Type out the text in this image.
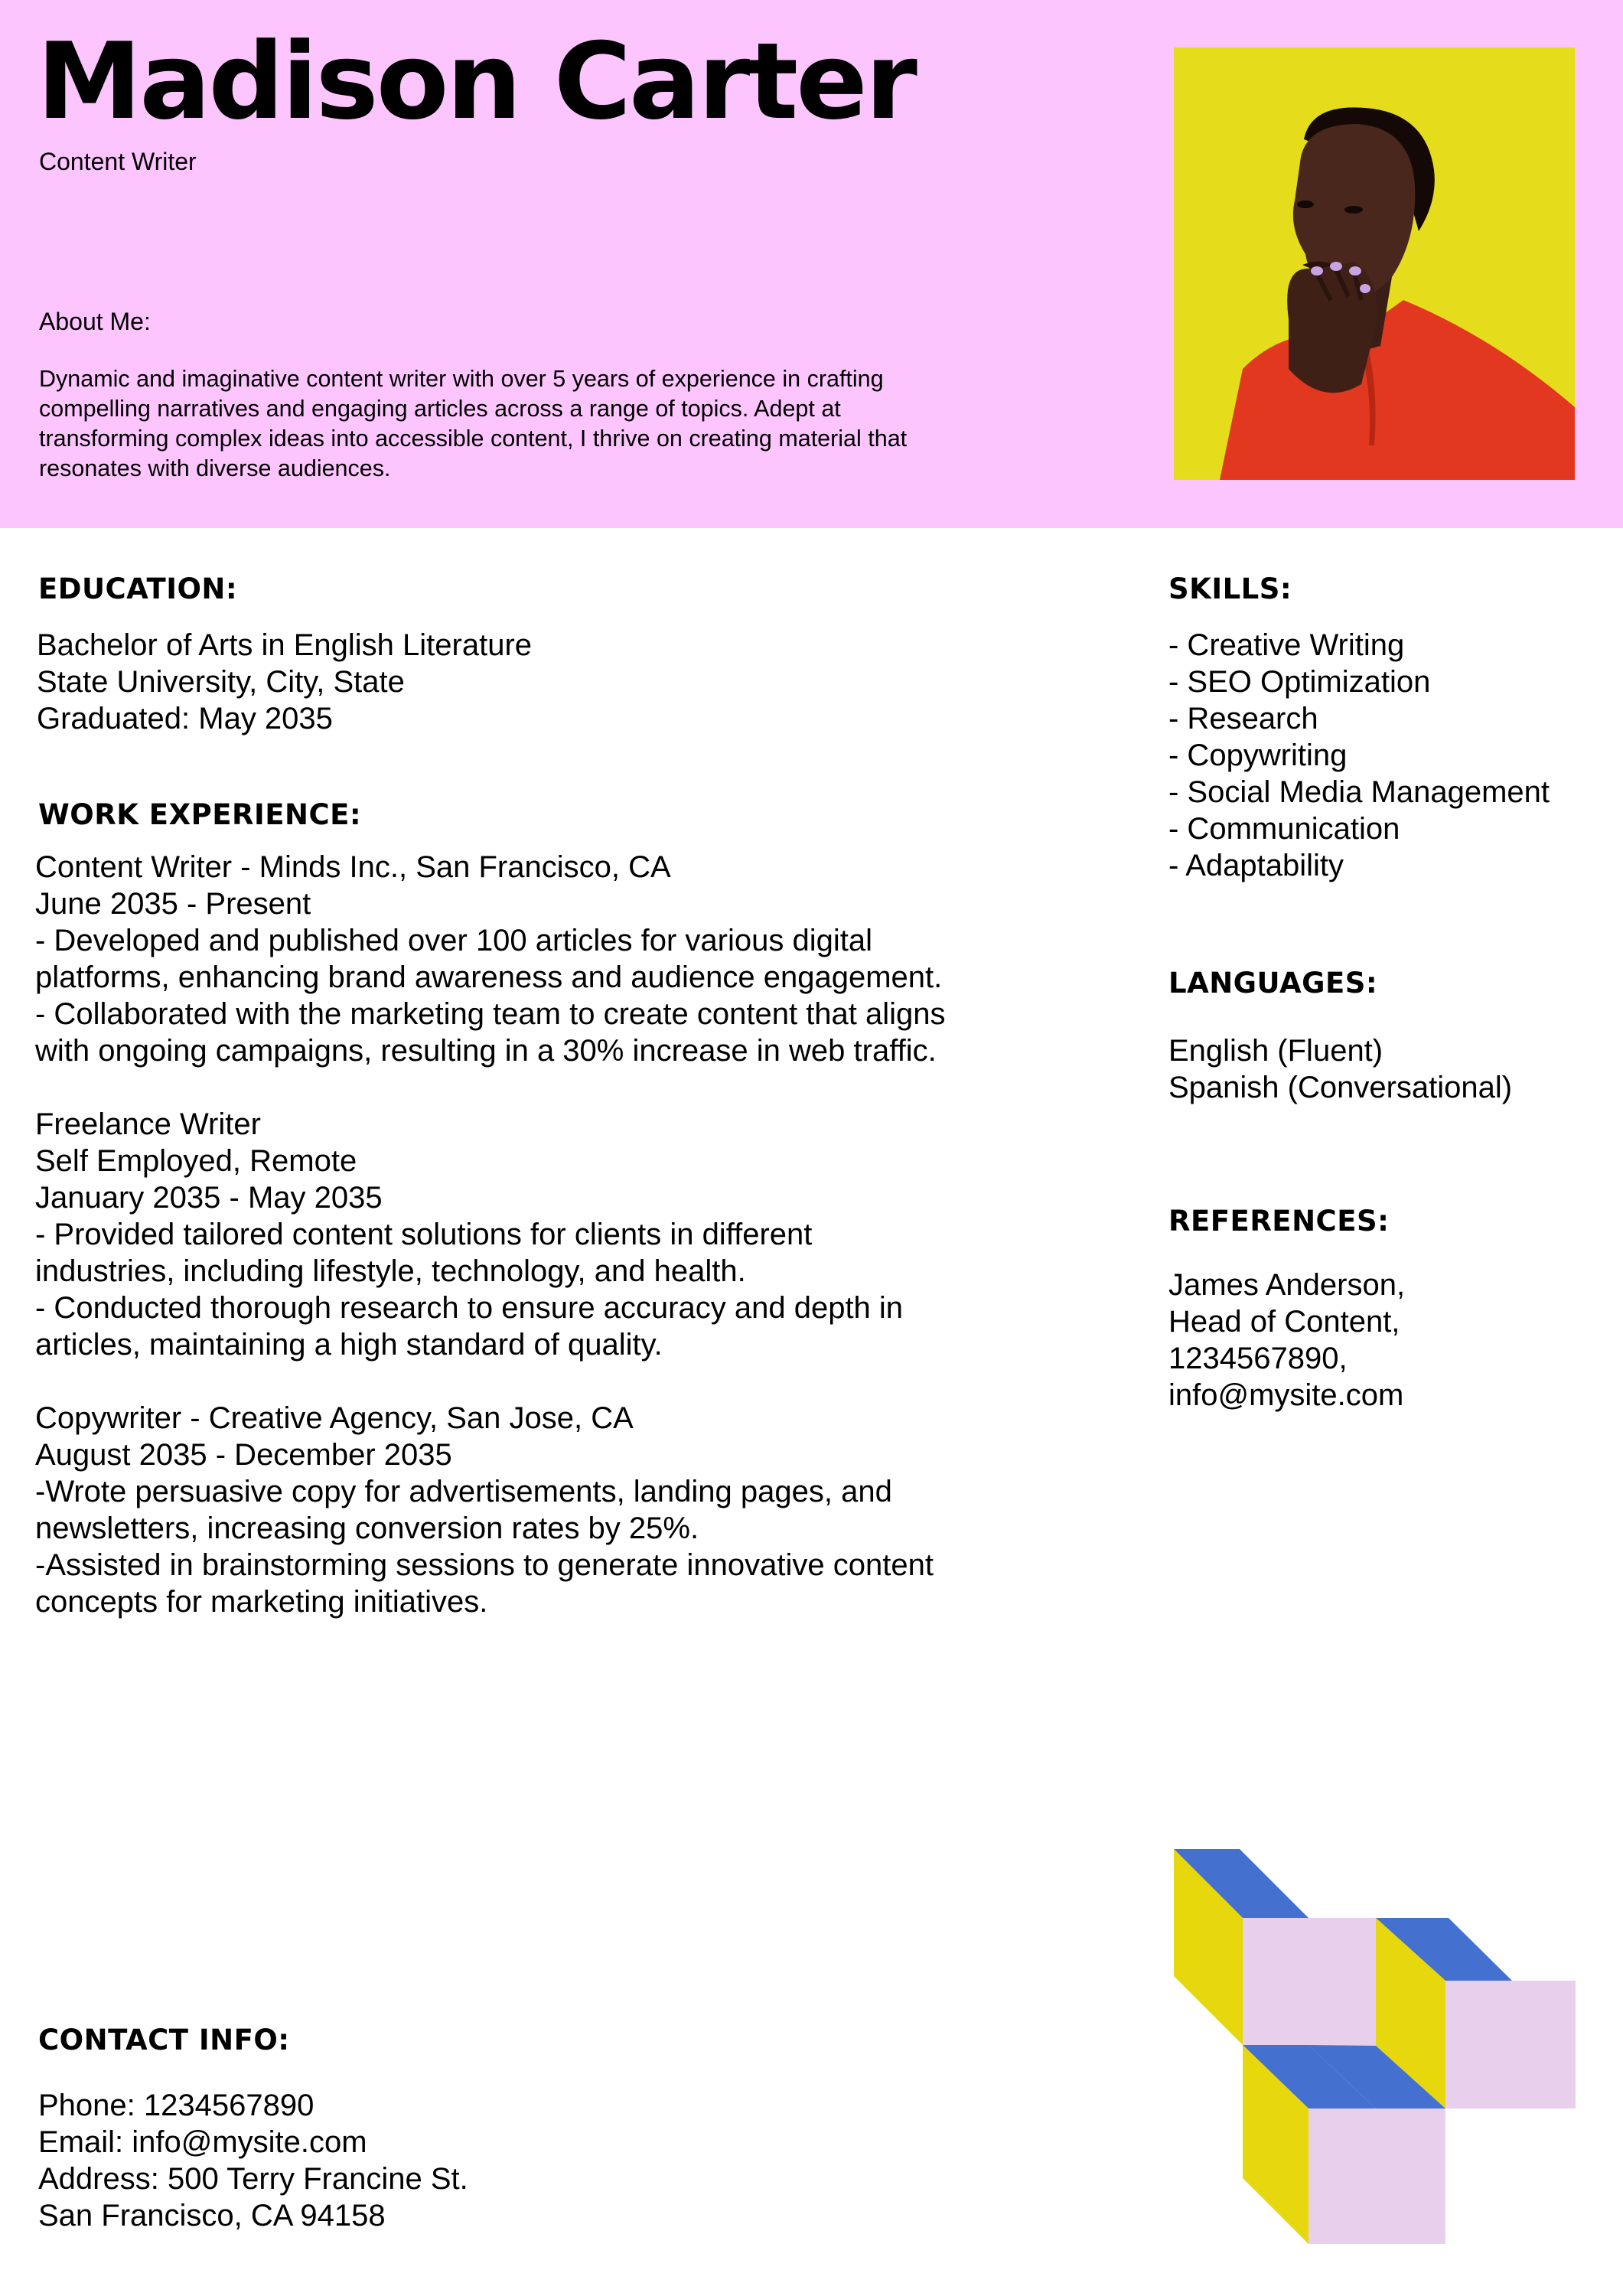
Madison Carter
Content Writer
About Me:
Dynamic and imaginative content writer with over 5 years of experience in crafting compelling narratives and engaging articles across a range of topics. Adept at transforming complex ideas into accessible content, I thrive on creating material that resonates with diverse audiences.
EDUCATION:
Bachelor of Arts in English Literature
State University, City, State
Graduated: May 2035
WORK EXPERIENCE:
Content Writer - Minds Inc., San Francisco, CA
June 2035 - Present
- Developed and published over 100 articles for various digital platforms, enhancing brand awareness and audience engagement.
- Collaborated with the marketing team to create content that aligns with ongoing campaigns, resulting in a 30% increase in web traffic.
Freelance Writer
Self Employed, Remote
January 2035 - May 2035
- Provided tailored content solutions for clients in different industries, including lifestyle, technology, and health.
- Conducted thorough research to ensure accuracy and depth in articles, maintaining a high standard of quality.
Copywriter - Creative Agency, San Jose, CA
August 2035 - December 2035
-Wrote persuasive copy for advertisements, landing pages, and newsletters, increasing conversion rates by 25%.
-Assisted in brainstorming sessions to generate innovative content concepts for marketing initiatives.
SKILLS:
- Creative Writing
- SEO Optimization
- Research
- Copywriting
- Social Media Management
- Communication
- Adaptability
LANGUAGES:
English (Fluent)
Spanish (Conversational)
REFERENCES:
James Anderson,
Head of Content,
1234567890,
info@mysite.com
CONTACT INFO:
Phone: 1234567890
Email: info@mysite.com
Address: 500 Terry Francine St.
San Francisco, CA 94158
